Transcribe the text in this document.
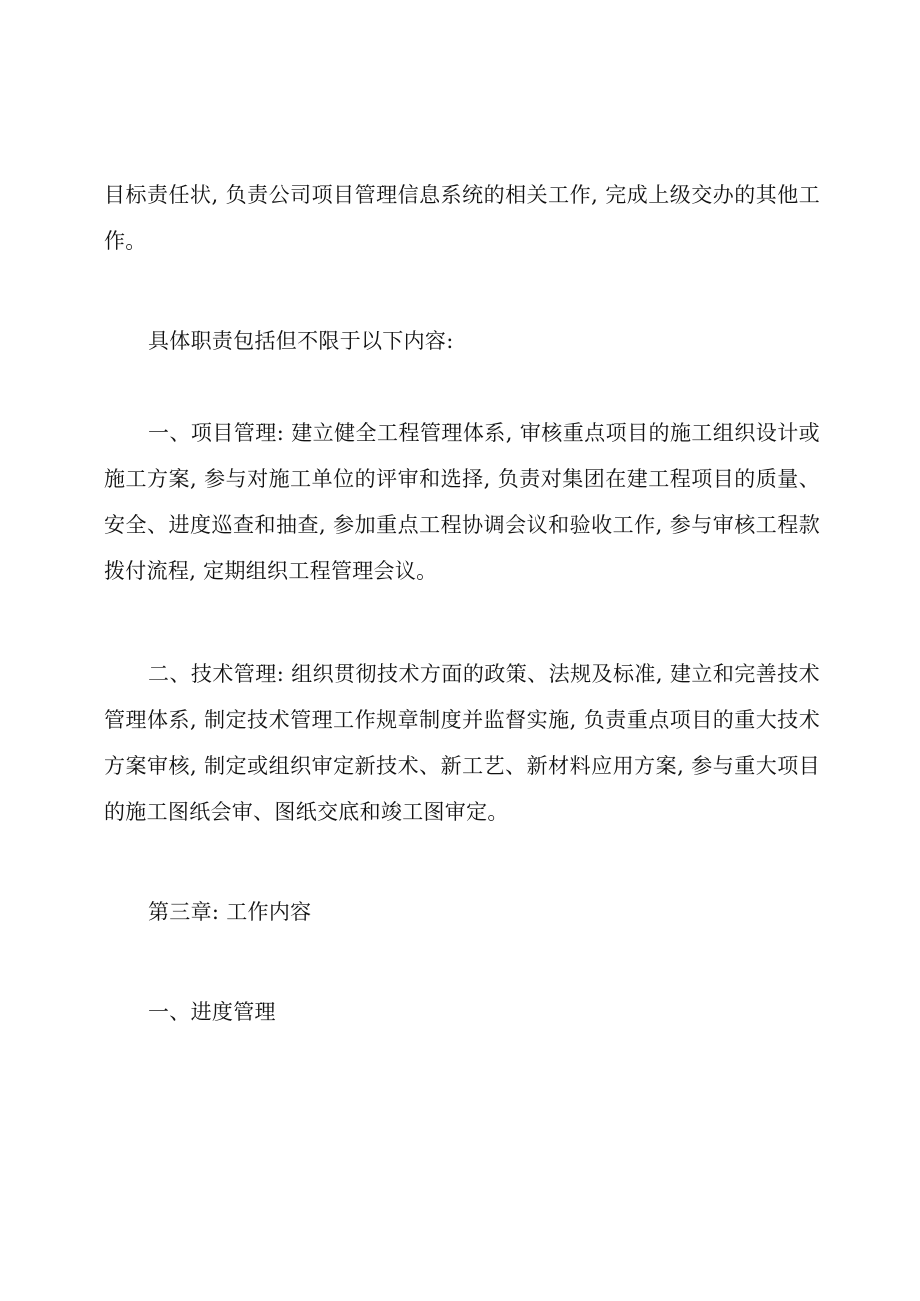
目标责任状, 负责公司项目管理信息系统的相关工作, 完成上级交办的其他工作。

具体职责包括但不限于以下内容:

一、项目管理: 建立健全工程管理体系, 审核重点项目的施工组织设计或施工方案, 参与对施工单位的评审和选择, 负责对集团在建工程项目的质量、安全、进度巡查和抽查, 参加重点工程协调会议和验收工作, 参与审核工程款拨付流程, 定期组织工程管理会议。

二、技术管理: 组织贯彻技术方面的政策、法规及标准, 建立和完善技术管理体系, 制定技术管理工作规章制度并监督实施, 负责重点项目的重大技术方案审核, 制定或组织审定新技术、新工艺、新材料应用方案, 参与重大项目的施工图纸会审、图纸交底和竣工图审定。

第三章: 工作内容

一、进度管理
